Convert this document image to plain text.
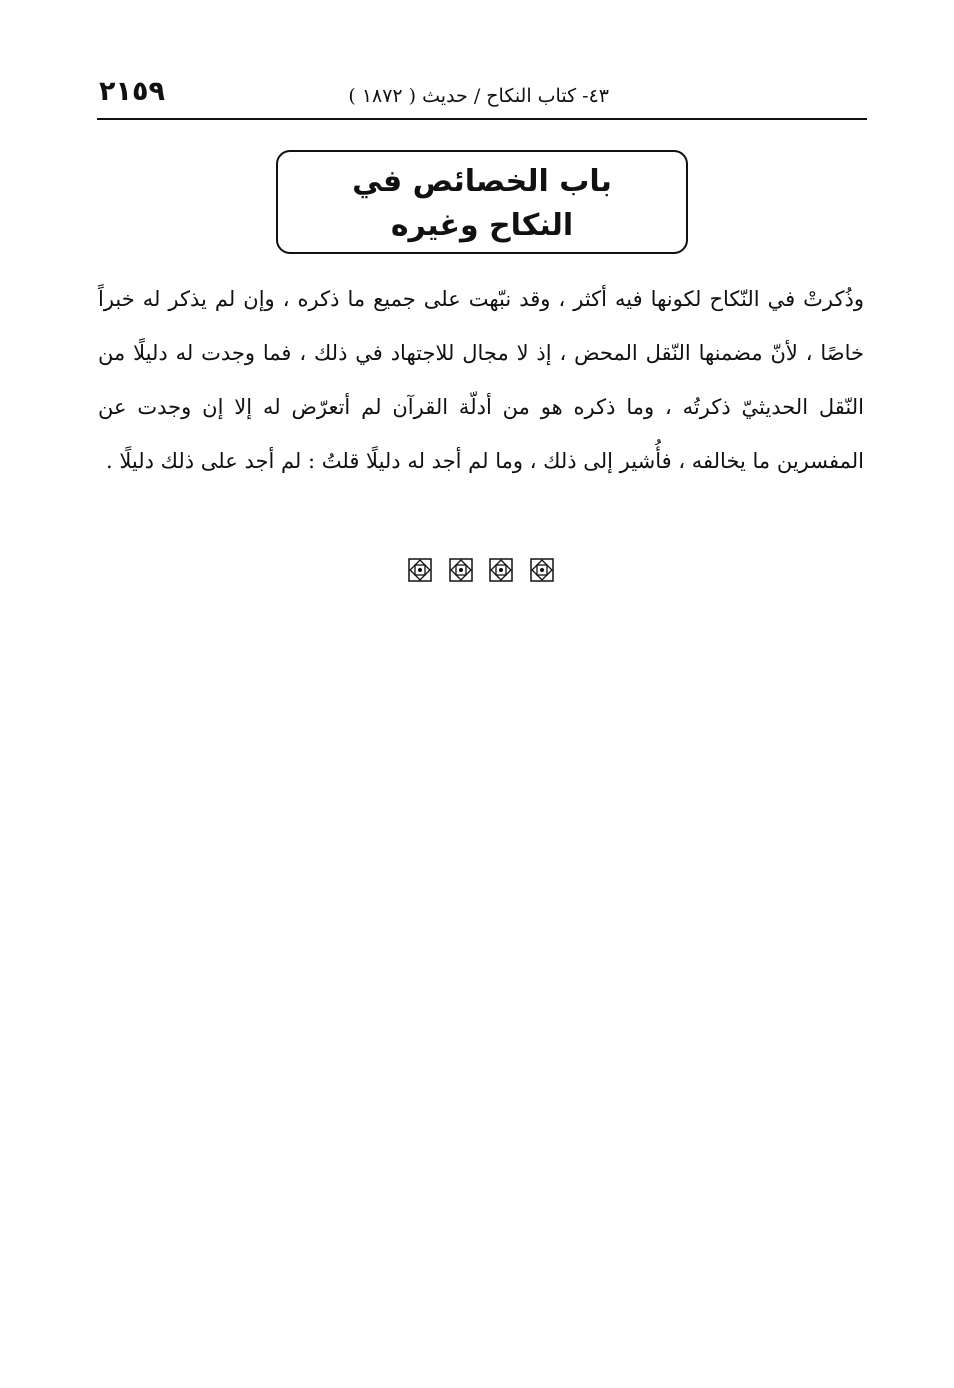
٤٣- كتاب النكاح / حديث ( ١٨٧٢ )
٢١٥٩
باب الخصائص في
النكاح وغيره
وذُكرتْ في النّكاح لكونها فيه أكثر ، وقد نبّهت على جميع ما ذكره ، وإن لم يذكر له خبراً خاصًا ، لأنّ مضمنها النّقل المحض ، إذ لا مجال للاجتهاد في ذلك ، فما وجدت له دليلًا من النّقل الحديثيّ ذكرتُه ، وما ذكره هو من أدلّة القرآن لم أتعرّض له إلا إن وجدت عن المفسرين ما يخالفه ، فأُشير إلى ذلك ، وما لم أجد له دليلًا قلتُ : لم أجد على ذلك دليلًا .
